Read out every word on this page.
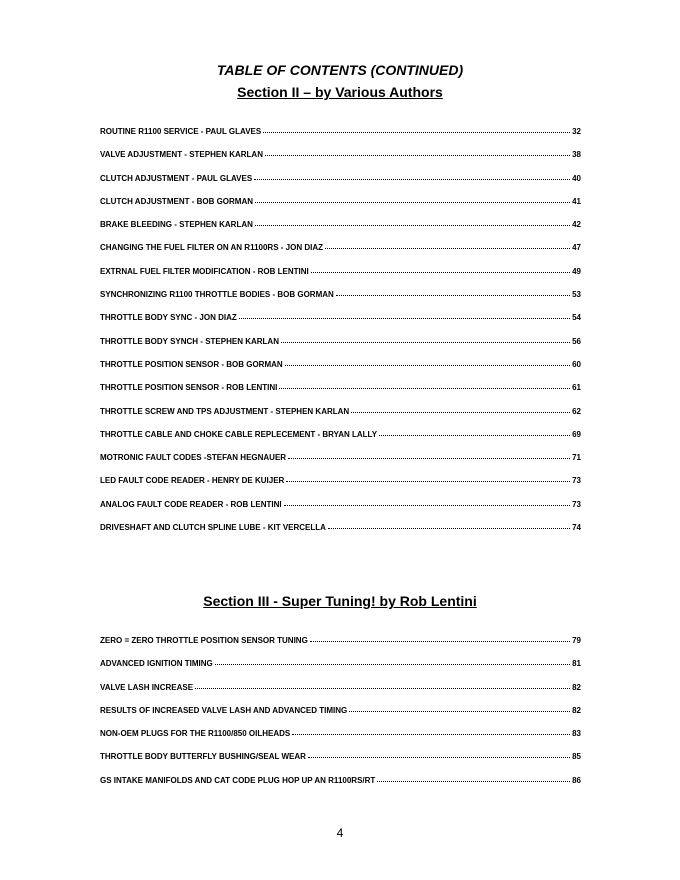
TABLE OF CONTENTS (CONTINUED)
Section II – by Various Authors
ROUTINE R1100 SERVICE - PAUL GLAVES	32
VALVE ADJUSTMENT - STEPHEN KARLAN	38
CLUTCH ADJUSTMENT - PAUL GLAVES	40
CLUTCH ADJUSTMENT - BOB GORMAN	41
BRAKE BLEEDING - STEPHEN KARLAN	42
CHANGING THE FUEL FILTER ON AN R1100RS - JON DIAZ	47
EXTRNAL FUEL FILTER MODIFICATION - ROB LENTINI	49
SYNCHRONIZING R1100 THROTTLE BODIES - BOB GORMAN	53
THROTTLE BODY SYNC - JON DIAZ	54
THROTTLE BODY SYNCH - STEPHEN KARLAN	56
THROTTLE POSITION SENSOR - BOB GORMAN	60
THROTTLE POSITION SENSOR - ROB LENTINI	61
THROTTLE SCREW AND TPS ADJUSTMENT - STEPHEN KARLAN	62
THROTTLE CABLE AND CHOKE CABLE REPLECEMENT - BRYAN LALLY	69
MOTRONIC FAULT CODES -STEFAN HEGNAUER	71
LED FAULT CODE READER - HENRY DE KUIJER	73
ANALOG FAULT CODE READER - ROB LENTINI	73
DRIVESHAFT AND CLUTCH SPLINE LUBE - KIT VERCELLA	74
Section III - Super Tuning! by Rob Lentini
ZERO = ZERO THROTTLE POSITION SENSOR TUNING	79
ADVANCED IGNITION TIMING	81
VALVE LASH INCREASE	82
RESULTS OF INCREASED VALVE LASH AND ADVANCED TIMING	82
NON-OEM PLUGS FOR THE R1100/850 OILHEADS	83
THROTTLE BODY BUTTERFLY BUSHING/SEAL WEAR	85
GS INTAKE MANIFOLDS AND CAT CODE PLUG HOP UP AN R1100RS/RT	86
4
